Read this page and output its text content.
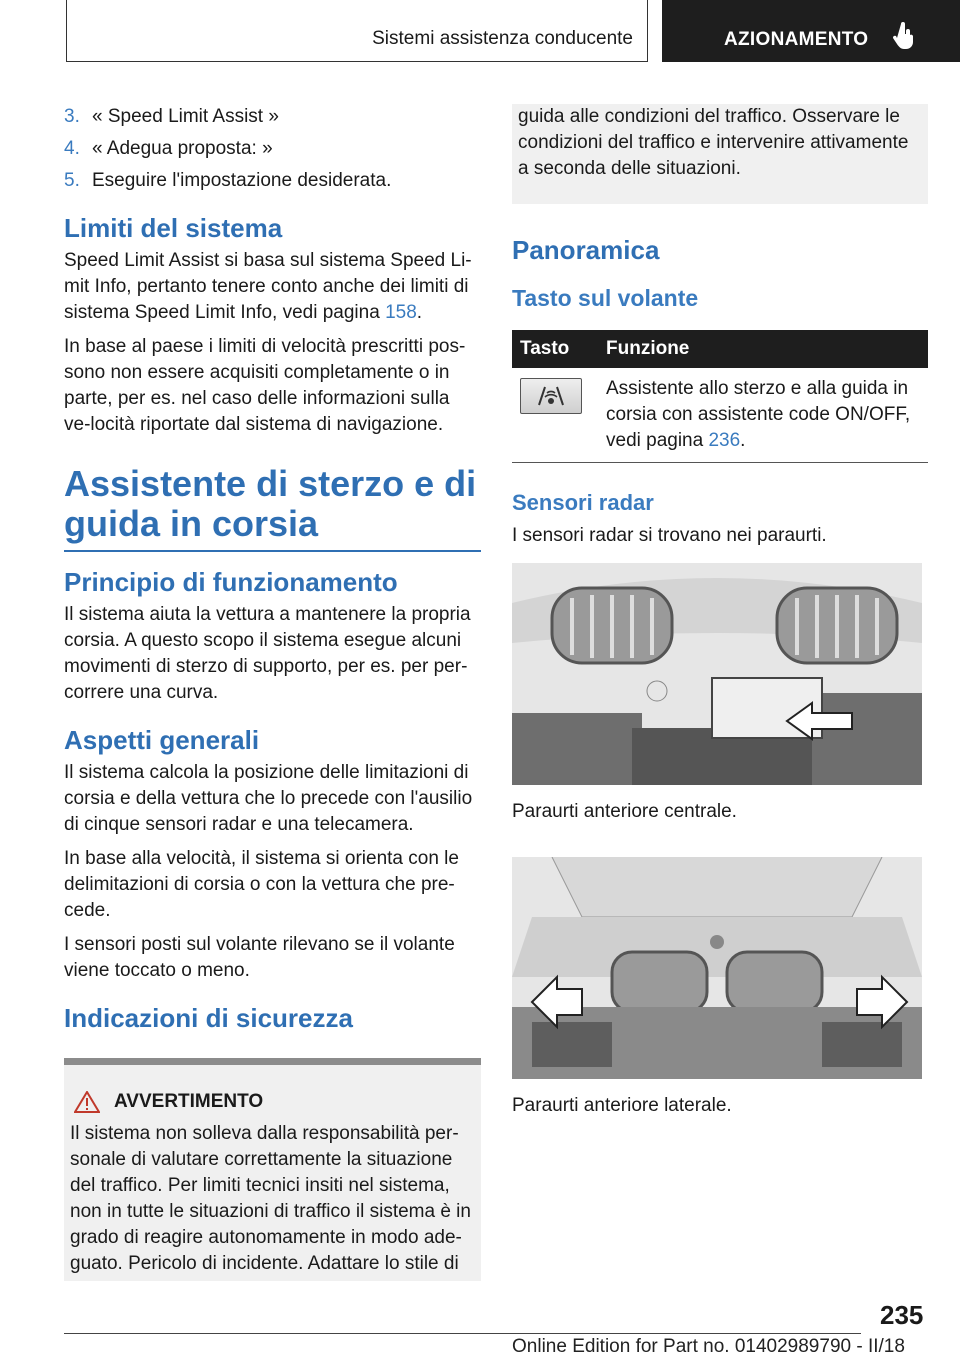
Sistemi assistenza conducente	AZIONAMENTO
3. « Speed Limit Assist »
4. « Adegua proposta: »
5. Eseguire l'impostazione desiderata.
Limiti del sistema

Speed Limit Assist si basa sul sistema Speed Li-mit Info, pertanto tenere conto anche dei limiti di sistema Speed Limit Info, vedi pagina 158.

In base al paese i limiti di velocità prescritti pos-sono non essere acquisiti completamente o in parte, per es. nel caso delle informazioni sulla ve-locità riportate dal sistema di navigazione.

Assistente di sterzo e di guida in corsia
Principio di funzionamento

Il sistema aiuta la vettura a mantenere la propria corsia. A questo scopo il sistema esegue alcuni movimenti di sterzo di supporto, per es. per per-correre una curva.

Aspetti generali

Il sistema calcola la posizione delle limitazioni di corsia e della vettura che lo precede con l'ausilio di cinque sensori radar e una telecamera.

In base alla velocità, il sistema si orienta con le delimitazioni di corsia o con la vettura che pre-cede.

I sensori posti sul volante rilevano se il volante viene toccato o meno.

Indicazioni di sicurezza
AVVERTIMENTO
Il sistema non solleva dalla responsabilità per-sonale di valutare correttamente la situazione del traffico. Per limiti tecnici insiti nel sistema, non in tutte le situazioni di traffico il sistema è in grado di reagire autonomamente in modo ade-guato. Pericolo di incidente. Adattare lo stile di
guida alle condizioni del traffico. Osservare le condizioni del traffico e intervenire attivamente a seconda delle situazioni.
Panoramica
Tasto sul volante
Tasto	Funzione
	Assistente allo sterzo e alla guida in corsia con assistente code ON/OFF, vedi pagina 236.
Sensori radar

I sensori radar si trovano nei paraurti.

Paraurti anteriore centrale.

Paraurti anteriore laterale.

235
Online Edition for Part no. 01402989790 - II/18
